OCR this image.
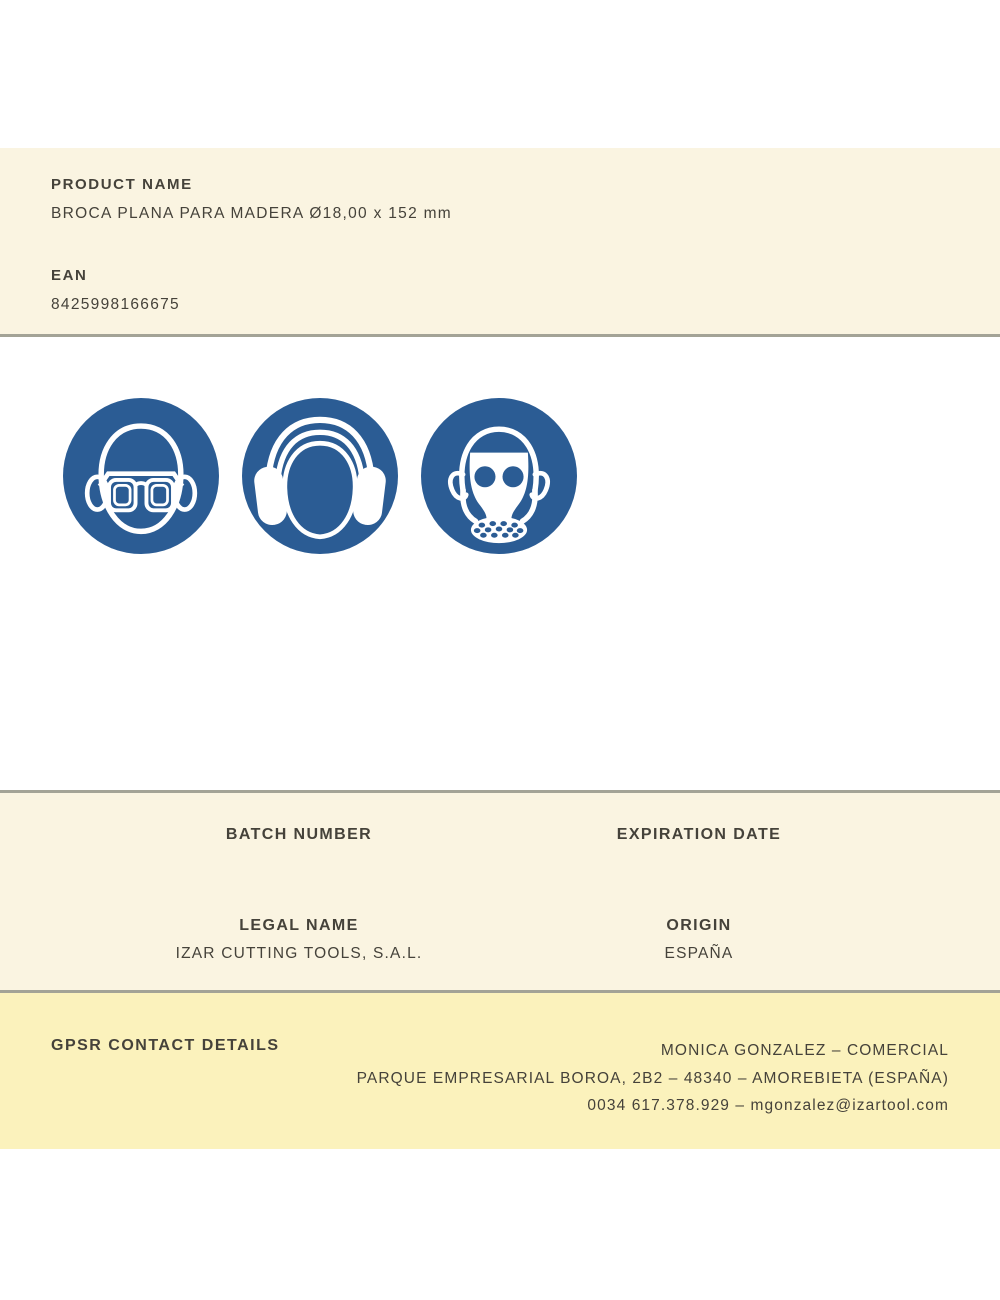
PRODUCT NAME
BROCA PLANA PARA MADERA Ø18,00 x 152 mm
EAN
8425998166675
BATCH NUMBER
LEGAL NAME
IZAR CUTTING TOOLS, S.A.L.
EXPIRATION DATE
ORIGIN
ESPAÑA
GPSR CONTACT DETAILS	MONICA GONZALEZ – COMERCIAL
PARQUE EMPRESARIAL BOROA, 2B2 – 48340 – AMOREBIETA (ESPAÑA)
0034 617.378.929 – mgonzalez@izartool.com
